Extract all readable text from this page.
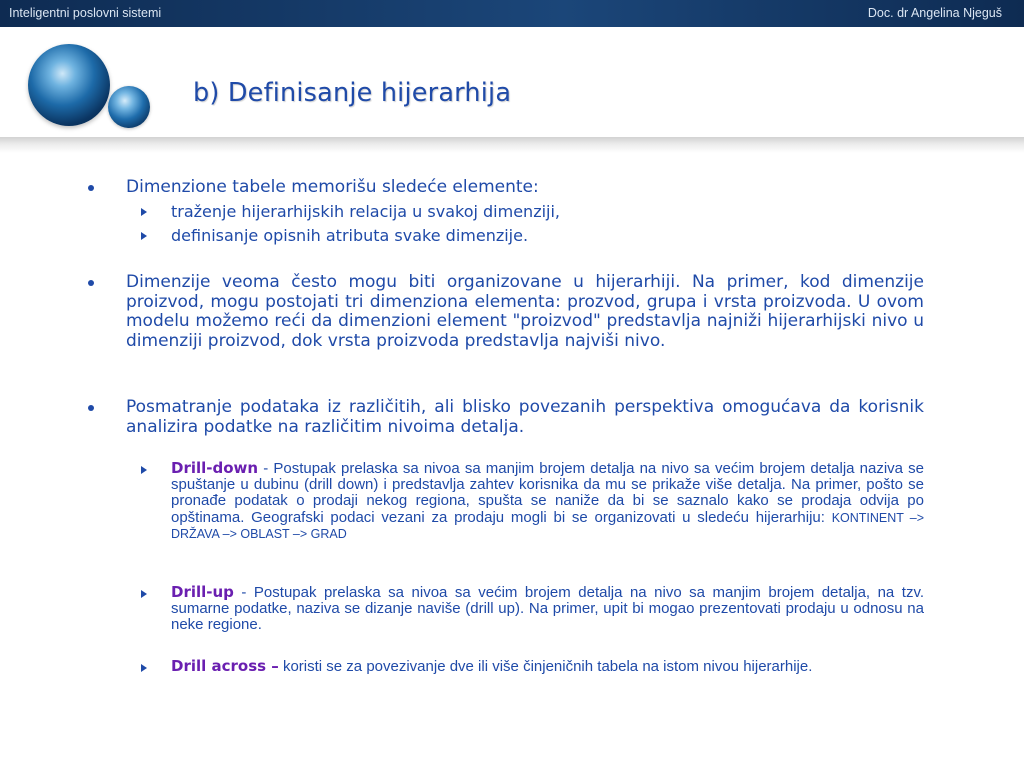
Inteligentni poslovni sistemi	Doc. dr Angelina Njeguš
b) Definisanje hijerarhija
Dimenzione tabele memorišu sledeće elemente:
traženje hijerarhijskih relacija u svakoj dimenziji,
definisanje opisnih atributa svake dimenzije.
Dimenzije veoma često mogu biti organizovane u hijerarhiji. Na primer, kod dimenzije proizvod, mogu postojati tri dimenziona elementa: prozvod, grupa i vrsta proizvoda. U ovom modelu možemo reći da dimenzioni element "proizvod" predstavlja najniži hijerarhijski nivo u dimenziji proizvod, dok vrsta proizvoda predstavlja najviši nivo.
Posmatranje podataka iz različitih, ali blisko povezanih perspektiva omogućava da korisnik analizira podatke na različitim nivoima detalja.
Drill-down - Postupak prelaska sa nivoa sa manjim brojem detalja na nivo sa većim brojem detalja naziva se spuštanje u dubinu (drill down) i predstavlja zahtev korisnika da mu se prikaže više detalja. Na primer, pošto se pronađe podatak o prodaji nekog regiona, spušta se naniže da bi se saznalo kako se prodaja odvija po opštinama. Geografski podaci vezani za prodaju mogli bi se organizovati u sledeću hijerarhiju: KONTINENT –> DRŽAVA –> OBLAST –> GRAD
Drill-up - Postupak prelaska sa nivoa sa većim brojem detalja na nivo sa manjim brojem detalja, na tzv. sumarne podatke, naziva se dizanje naviše (drill up). Na primer, upit bi mogao prezentovati prodaju u odnosu na neke regione.
Drill across – koristi se za povezivanje dve ili više činjeničnih tabela na istom nivou hijerarhije.
